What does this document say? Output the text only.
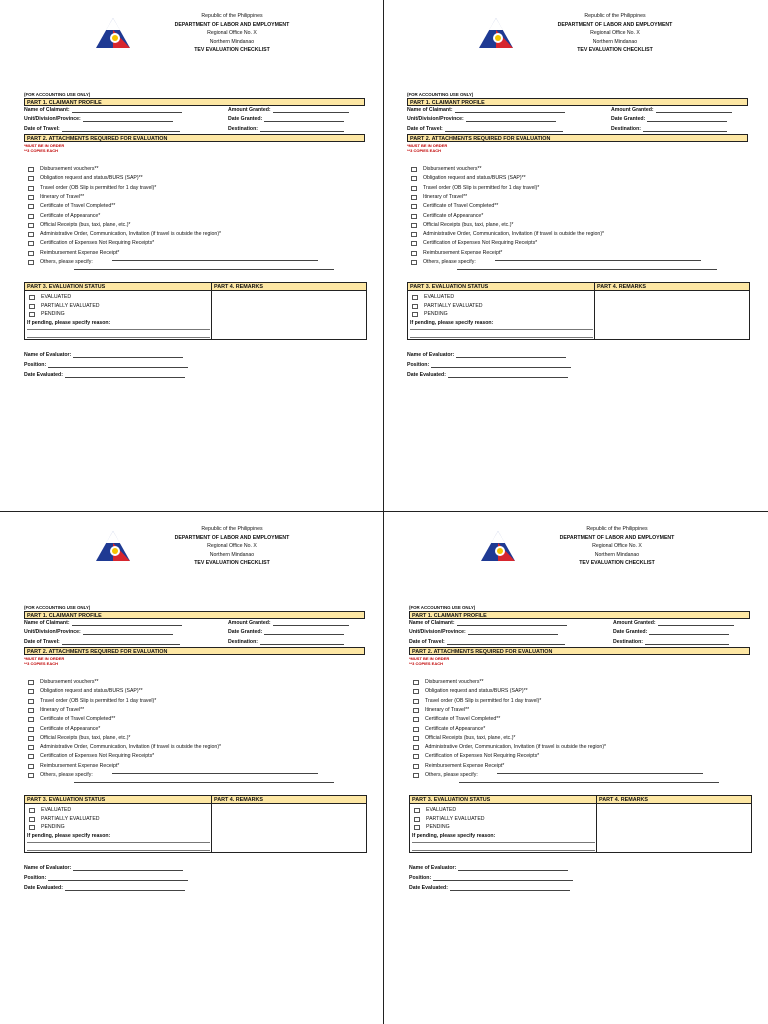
Republic of the Philippines
DEPARTMENT OF LABOR AND EMPLOYMENT
Regional Office No. X
Northern Mindanao
TEV EVALUATION CHECKLIST
(FOR ACCOUNTING USE ONLY)
PART 1. CLAIMANT PROFILE
Name of Claimant:	Amount Granted:
Unit/Division/Province:	Date Granted:
Date of Travel:	Destination:
PART 2. ATTACHMENTS REQUIRED FOR EVALUATION
*MUST BE IN ORDER
**3 COPIES EACH
Disbursement vouchers**
Obligation request and status/BURS (SAP)**
Travel order (OB Slip is permitted for 1 day travel)*
Itinerary of Travel**
Certificate of Travel Completed**
Certificate of Appearance*
Official Receipts (bus, taxi, plane, etc.)*
Administrative Order, Communication, Invitation (if travel is outside the region)*
Certification of Expenses Not Requiring Receipts*
Reimbursement Expense Receipt*
Others, please specify:
PART 3. EVALUATION STATUS	PART 4. REMARKS
EVALUATED
PARTIALLY EVALUATED
PENDING
If pending, please specify reason:
Name of Evaluator:
Position:
Date Evaluated:
Republic of the Philippines
DEPARTMENT OF LABOR AND EMPLOYMENT
Regional Office No. X
Northern Mindanao
TEV EVALUATION CHECKLIST
(FOR ACCOUNTING USE ONLY)
PART 1. CLAIMANT PROFILE
Name of Claimant:	Amount Granted:
Unit/Division/Province:	Date Granted:
Date of Travel:	Destination:
PART 2. ATTACHMENTS REQUIRED FOR EVALUATION
*MUST BE IN ORDER
**3 COPIES EACH
Disbursement vouchers**
Obligation request and status/BURS (SAP)**
Travel order (OB Slip is permitted for 1 day travel)*
Itinerary of Travel**
Certificate of Travel Completed**
Certificate of Appearance*
Official Receipts (bus, taxi, plane, etc.)*
Administrative Order, Communication, Invitation (if travel is outside the region)*
Certification of Expenses Not Requiring Receipts*
Reimbursement Expense Receipt*
Others, please specify:
PART 3. EVALUATION STATUS	PART 4. REMARKS
EVALUATED
PARTIALLY EVALUATED
PENDING
If pending, please specify reason:
Name of Evaluator:
Position:
Date Evaluated:
Republic of the Philippines
DEPARTMENT OF LABOR AND EMPLOYMENT
Regional Office No. X
Northern Mindanao
TEV EVALUATION CHECKLIST
(FOR ACCOUNTING USE ONLY)
PART 1. CLAIMANT PROFILE
Name of Claimant:	Amount Granted:
Unit/Division/Province:	Date Granted:
Date of Travel:	Destination:
PART 2. ATTACHMENTS REQUIRED FOR EVALUATION
*MUST BE IN ORDER
**3 COPIES EACH
Disbursement vouchers**
Obligation request and status/BURS (SAP)**
Travel order (OB Slip is permitted for 1 day travel)*
Itinerary of Travel**
Certificate of Travel Completed**
Certificate of Appearance*
Official Receipts (bus, taxi, plane, etc.)*
Administrative Order, Communication, Invitation (if travel is outside the region)*
Certification of Expenses Not Requiring Receipts*
Reimbursement Expense Receipt*
Others, please specify:
PART 3. EVALUATION STATUS	PART 4. REMARKS
EVALUATED
PARTIALLY EVALUATED
PENDING
If pending, please specify reason:
Name of Evaluator:
Position:
Date Evaluated:
Republic of the Philippines
DEPARTMENT OF LABOR AND EMPLOYMENT
Regional Office No. X
Northern Mindanao
TEV EVALUATION CHECKLIST
(FOR ACCOUNTING USE ONLY)
PART 1. CLAIMANT PROFILE
Name of Claimant:	Amount Granted:
Unit/Division/Province:	Date Granted:
Date of Travel:	Destination:
PART 2. ATTACHMENTS REQUIRED FOR EVALUATION
*MUST BE IN ORDER
**3 COPIES EACH
Disbursement vouchers**
Obligation request and status/BURS (SAP)**
Travel order (OB Slip is permitted for 1 day travel)*
Itinerary of Travel**
Certificate of Travel Completed**
Certificate of Appearance*
Official Receipts (bus, taxi, plane, etc.)*
Administrative Order, Communication, Invitation (if travel is outside the region)*
Certification of Expenses Not Requiring Receipts*
Reimbursement Expense Receipt*
Others, please specify:
PART 3. EVALUATION STATUS	PART 4. REMARKS
EVALUATED
PARTIALLY EVALUATED
PENDING
If pending, please specify reason:
Name of Evaluator:
Position:
Date Evaluated:
